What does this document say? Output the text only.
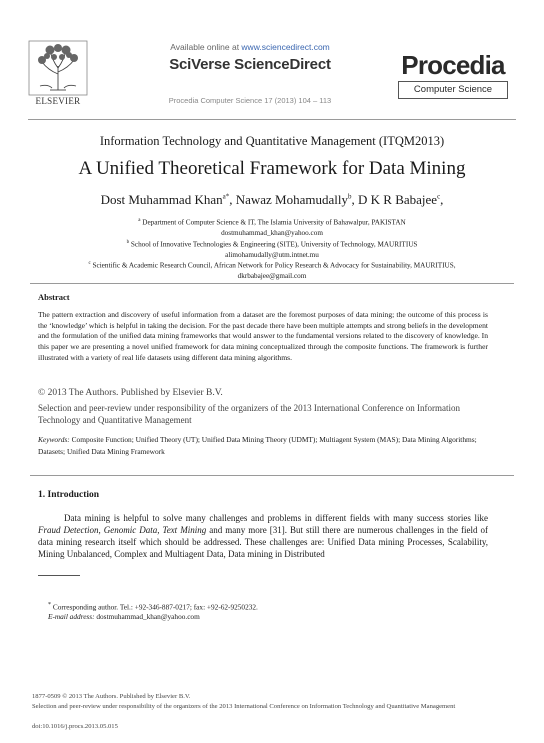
ELSEVIER
Available online at www.sciencedirect.com
SciVerse ScienceDirect
Procedia Computer Science 17 (2013) 104 – 113
Procedia
Computer Science
Information Technology and Quantitative Management (ITQM2013)
A Unified Theoretical Framework for Data Mining
Dost Muhammad Khan$^{a*}$, Nawaz Mohamudally$^b$, D K R Babajee$^c$,
$^a$ Department of Computer Science & IT, The Islamia University of Bahawalpur, PAKISTAN
dostmuhammad_khan@yahoo.com
$^b$ School of Innovative Technologies & Engineering (SITE), University of Technology, MAURITIUS
alimohamudally@utm.intnet.mu
$^c$ Scientific & Academic Research Council, African Network for Policy Research & Advocacy for Sustainability, MAURITIUS,
dkrbabajee@gmail.com
Abstract
The pattern extraction and discovery of useful information from a dataset are the foremost purposes of data mining; the outcome of this process is the ‘knowledge’ which is helpful in taking the decision. For the past decade there have been multiple attempts and strong beliefs in the development and the formulation of the unified data mining frameworks that would answer to the fundamental versions related to the discovery of knowledge. In this paper we are presenting a novel unified framework for data mining conceptualized through the composite functions. The framework is further illustrated with a variety of real life datasets using different data mining algorithms.
© 2013 The Authors. Published by Elsevier B.V.
Selection and peer-review under responsibility of the organizers of the 2013 International Conference on Information Technology and Quantitative Management
Keywords: Composite Function; Unified Theory (UT); Unified Data Mining Theory (UDMT); Multiagent System (MAS); Data Mining Algorithms; Datasets; Unified Data Mining Framework
1. Introduction
Data mining is helpful to solve many challenges and problems in different fields with many success stories like Fraud Detection, Genomic Data, Text Mining and many more [31]. But still there are numerous challenges in the field of data mining research itself which should be addressed. These challenges are: Unified Data mining Processes, Scalability, Mining Unbalanced, Complex and Multiagent Data, Data mining in Distributed
* Corresponding author. Tel.: +92-346-887-0217; fax: +92-62-9250232.
E-mail address: dostmuhammad_khan@yahoo.com
1877-0509 © 2013 The Authors. Published by Elsevier B.V.
Selection and peer-review under responsibility of the organizers of the 2013 International Conference on Information Technology and Quantitative Management
doi:10.1016/j.procs.2013.05.015
